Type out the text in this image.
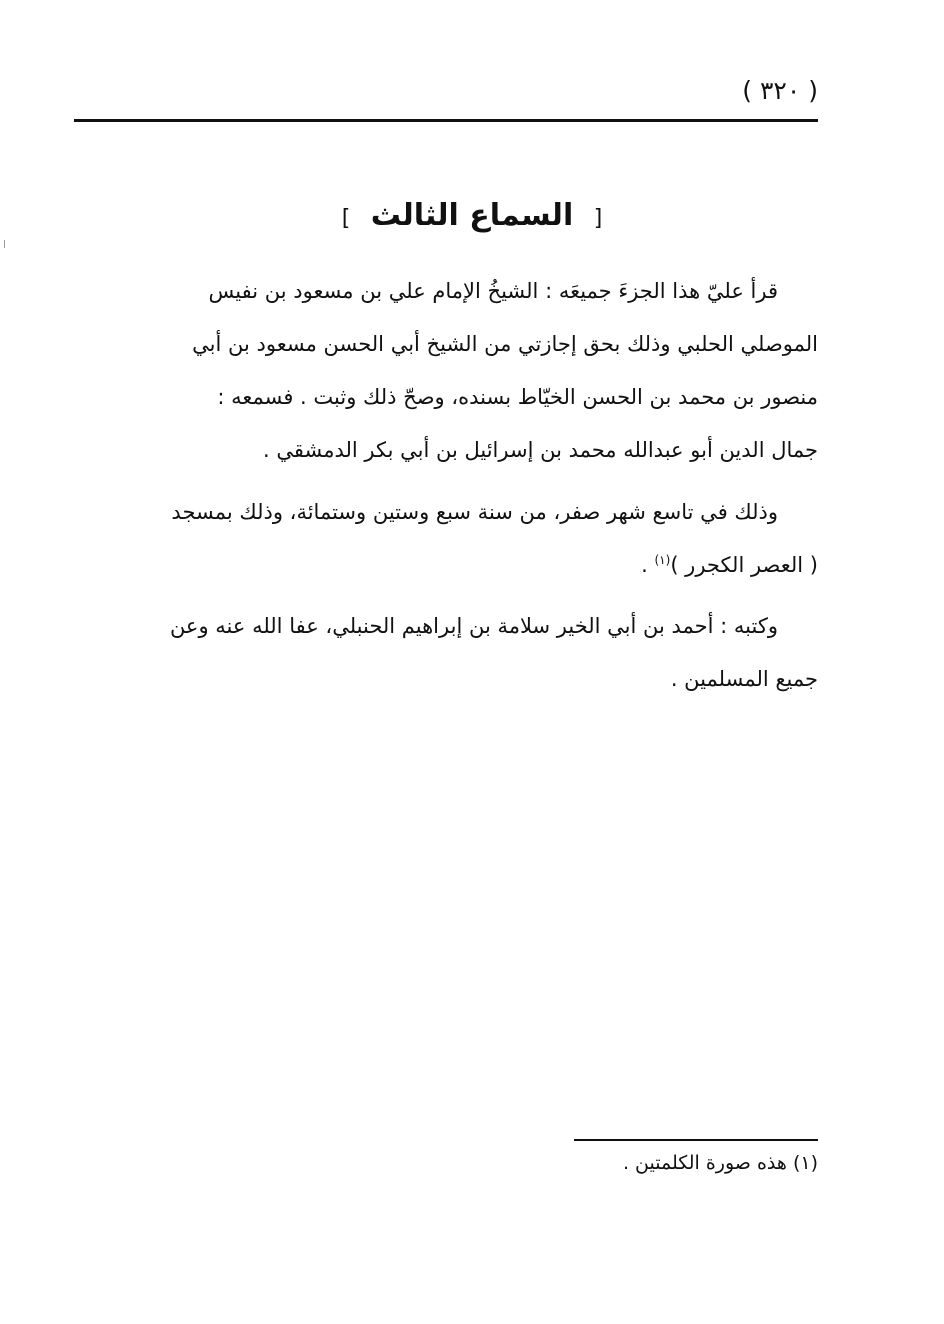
( ٣٢٠ )
[ السماع الثالث ]
قرأ عليّ هذا الجزءَ جميعَه : الشيخُ الإمام علي بن مسعود بن نفيس
الموصلي الحلبي وذلك بحق إجازتي من الشيخ أبي الحسن مسعود بن أبي
منصور بن محمد بن الحسن الخيّاط بسنده، وصحّ ذلك وثبت . فسمعه :
جمال الدين أبو عبدالله محمد بن إسرائيل بن أبي بكر الدمشقي .
وذلك في تاسع شهر صفر، من سنة سبع وستين وستمائة، وذلك بمسجد
( العصر الكجرر )$^{(١)}$ .
وكتبه : أحمد بن أبي الخير سلامة بن إبراهيم الحنبلي، عفا الله عنه وعن
جميع المسلمين .
(١) هذه صورة الكلمتين .
